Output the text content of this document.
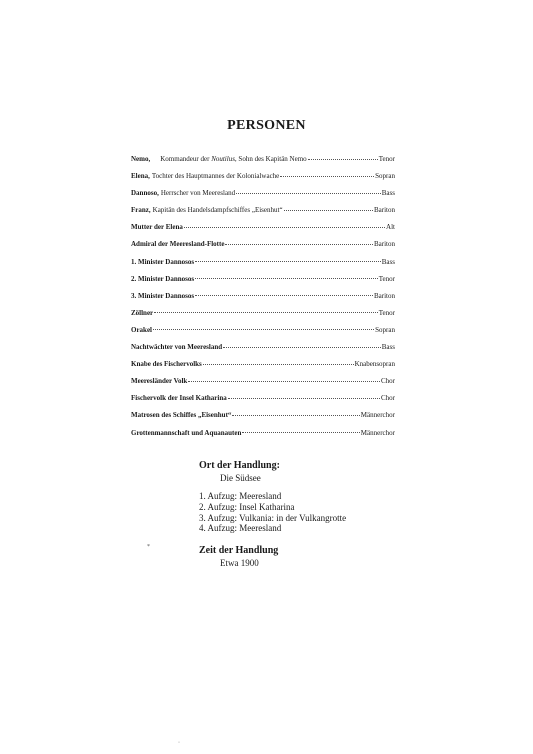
PERSONEN
Nemo, Kommandeur der Noutilus, Sohn des Kapitän Nemo	Tenor
Elena, Tochter des Hauptmannes der Kolonialwache	Sopran
Dannoso, Herrscher von Meeresland	Bass
Franz, Kapitän des Handelsdampfschiffes „Eisenhut“	Bariton
Mutter der Elena	Alt
Admiral der Meeresland-Flotte	Bariton
1. Minister Dannosos	Bass
2. Minister Dannosos	Tenor
3. Minister Dannosos	Bariton
Zöllner	Tenor
Orakel	Sopran
Nachtwächter von Meeresland	Bass
Knabe des Fischervolks	Knabensopran
Meeresländer Volk	Chor
Fischervolk der Insel Katharina	Chor
Matrosen des Schiffes „Eisenhut“	Männerchor
Grottenmannschaft und Aquanauten	Männerchor
Ort der Handlung:
Die Südsee
1. Aufzug: Meeresland
2. Aufzug: Insel Katharina
3. Aufzug: Vulkania: in der Vulkangrotte
4. Aufzug: Meeresland
Zeit der Handlung
Etwa 1900
*
˘
